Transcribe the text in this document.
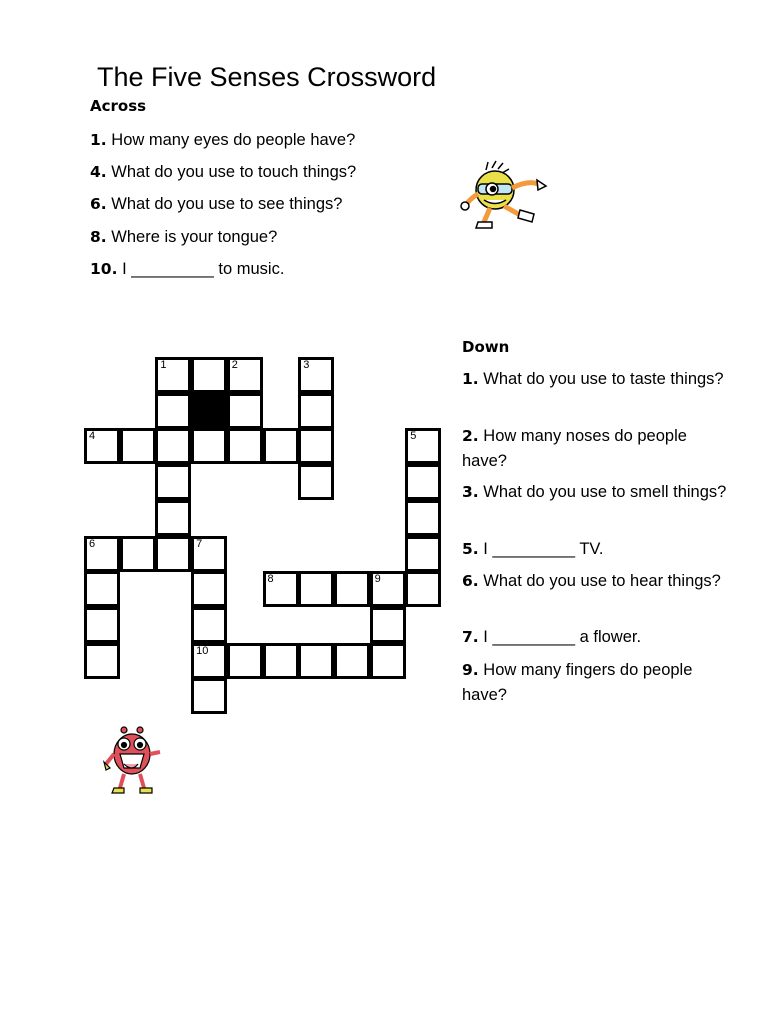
The Five Senses Crossword
Across

1. How many eyes do people have?

4. What do you use to touch things?

6. What do you use to see things?

8. Where is your tongue?

10. I _________ to music.

Down

1. What do you use to taste things?

2. How many noses do people have?

3. What do you use to smell things?

5. I _________ TV.

6. What do you use to hear things?

7. I _________ a flower.

9. How many fingers do people have?

1	2	3
4	5
6	7
8	9
10
